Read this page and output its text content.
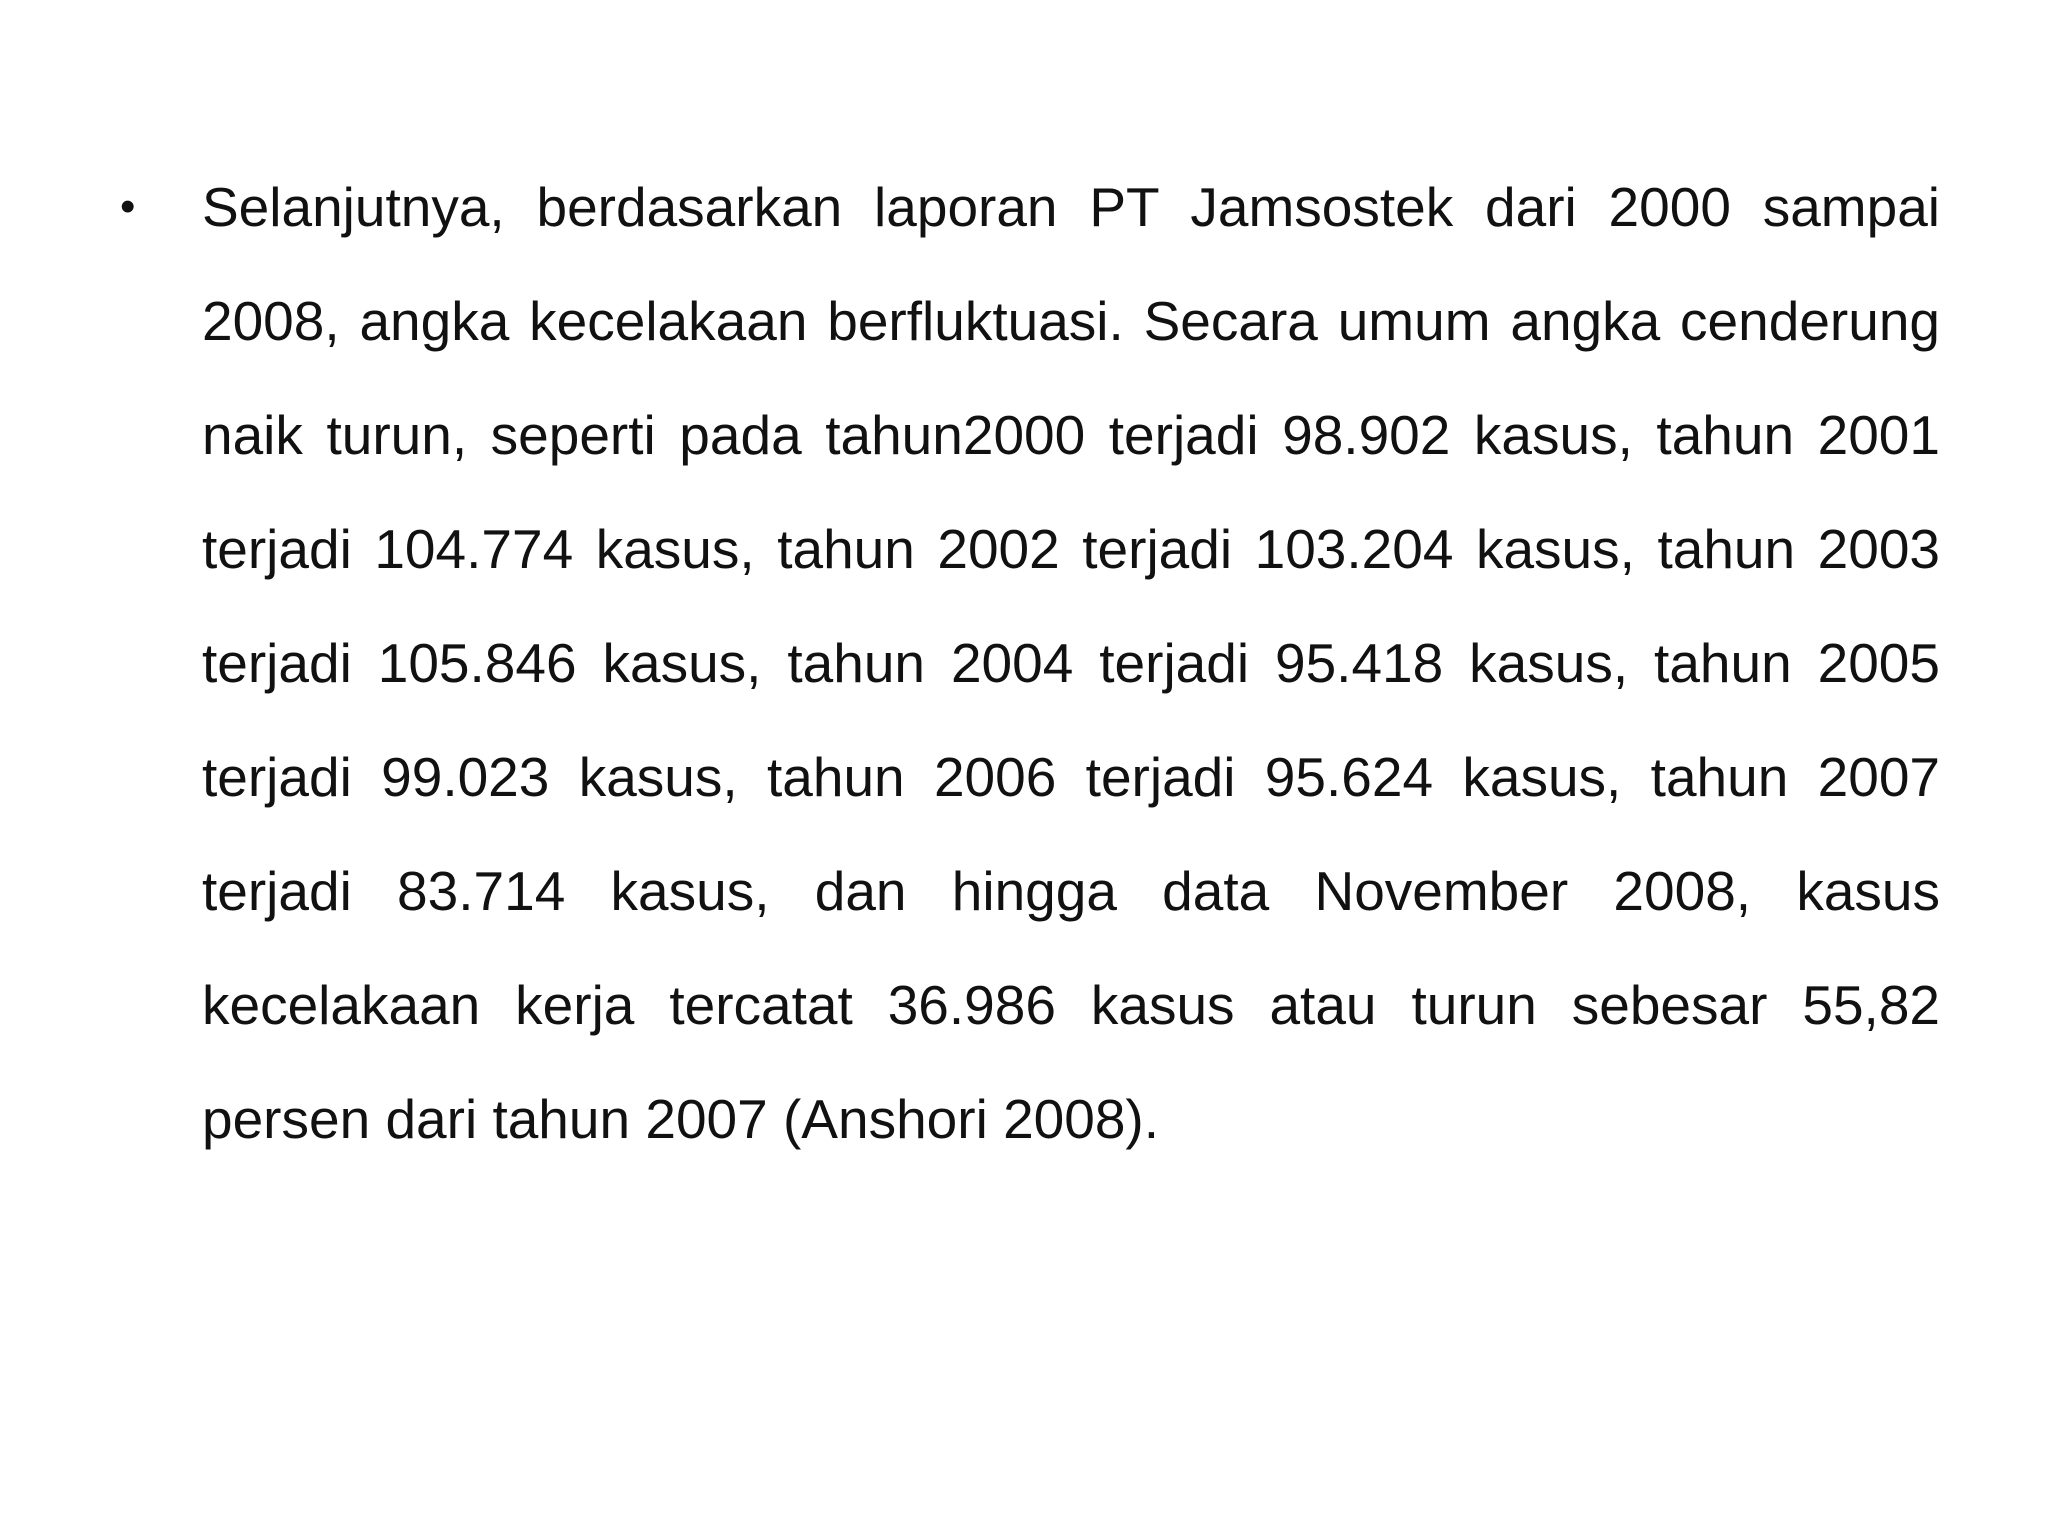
•	Selanjutnya, berdasarkan laporan PT Jamsostek dari 2000 sampai 2008, angka kecelakaan berfluktuasi. Secara umum angka cenderung naik turun, seperti pada tahun2000 terjadi 98.902 kasus, tahun 2001 terjadi 104.774 kasus, tahun 2002 terjadi 103.204 kasus, tahun 2003 terjadi 105.846 kasus, tahun 2004 terjadi 95.418 kasus, tahun 2005 terjadi 99.023 kasus, tahun 2006 terjadi 95.624 kasus, tahun 2007 terjadi 83.714 kasus, dan hingga data November 2008, kasus kecelakaan kerja tercatat 36.986 kasus atau turun sebesar 55,82 persen dari tahun 2007 (Anshori 2008).
